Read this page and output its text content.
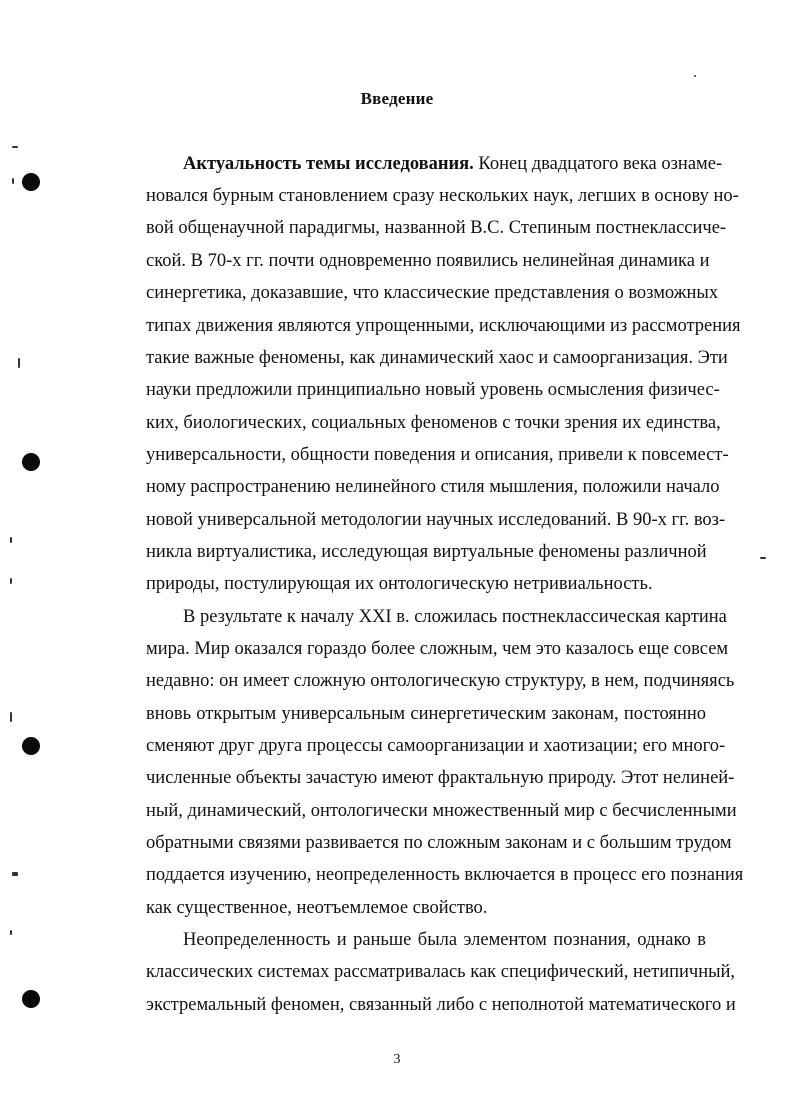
Введение
Актуальность темы исследования. Конец двадцатого века ознаме-
новался бурным становлением сразу нескольких наук, легших в основу но-
вой общенаучной парадигмы, названной В.С. Степиным постнеклассиче-
ской. В 70-х гг. почти одновременно появились нелинейная динамика и
синергетика, доказавшие, что классические представления о возможных
типах движения являются упрощенными, исключающими из рассмотрения
такие важные феномены, как динамический хаос и самоорганизация. Эти
науки предложили принципиально новый уровень осмысления физичес-
ких, биологических, социальных феноменов с точки зрения их единства,
универсальности, общности поведения и описания, привели к повсемест-
ному распространению нелинейного стиля мышления, положили начало
новой универсальной методологии научных исследований. В 90-х гг. воз-
никла виртуалистика, исследующая виртуальные феномены различной
природы, постулирующая их онтологическую нетривиальность.
В результате к началу XXI в. сложилась постнеклассическая картина
мира. Мир оказался гораздо более сложным, чем это казалось еще совсем
недавно: он имеет сложную онтологическую структуру, в нем, подчиняясь
вновь открытым универсальным синергетическим законам, постоянно
сменяют друг друга процессы самоорганизации и хаотизации; его много-
численные объекты зачастую имеют фрактальную природу. Этот нелиней-
ный, динамический, онтологически множественный мир с бесчисленными
обратными связями развивается по сложным законам и с большим трудом
поддается изучению, неопределенность включается в процесс его познания
как существенное, неотъемлемое свойство.
Неопределенность и раньше была элементом познания, однако в
классических системах рассматривалась как специфический, нетипичный,
экстремальный феномен, связанный либо с неполнотой математического и
3
